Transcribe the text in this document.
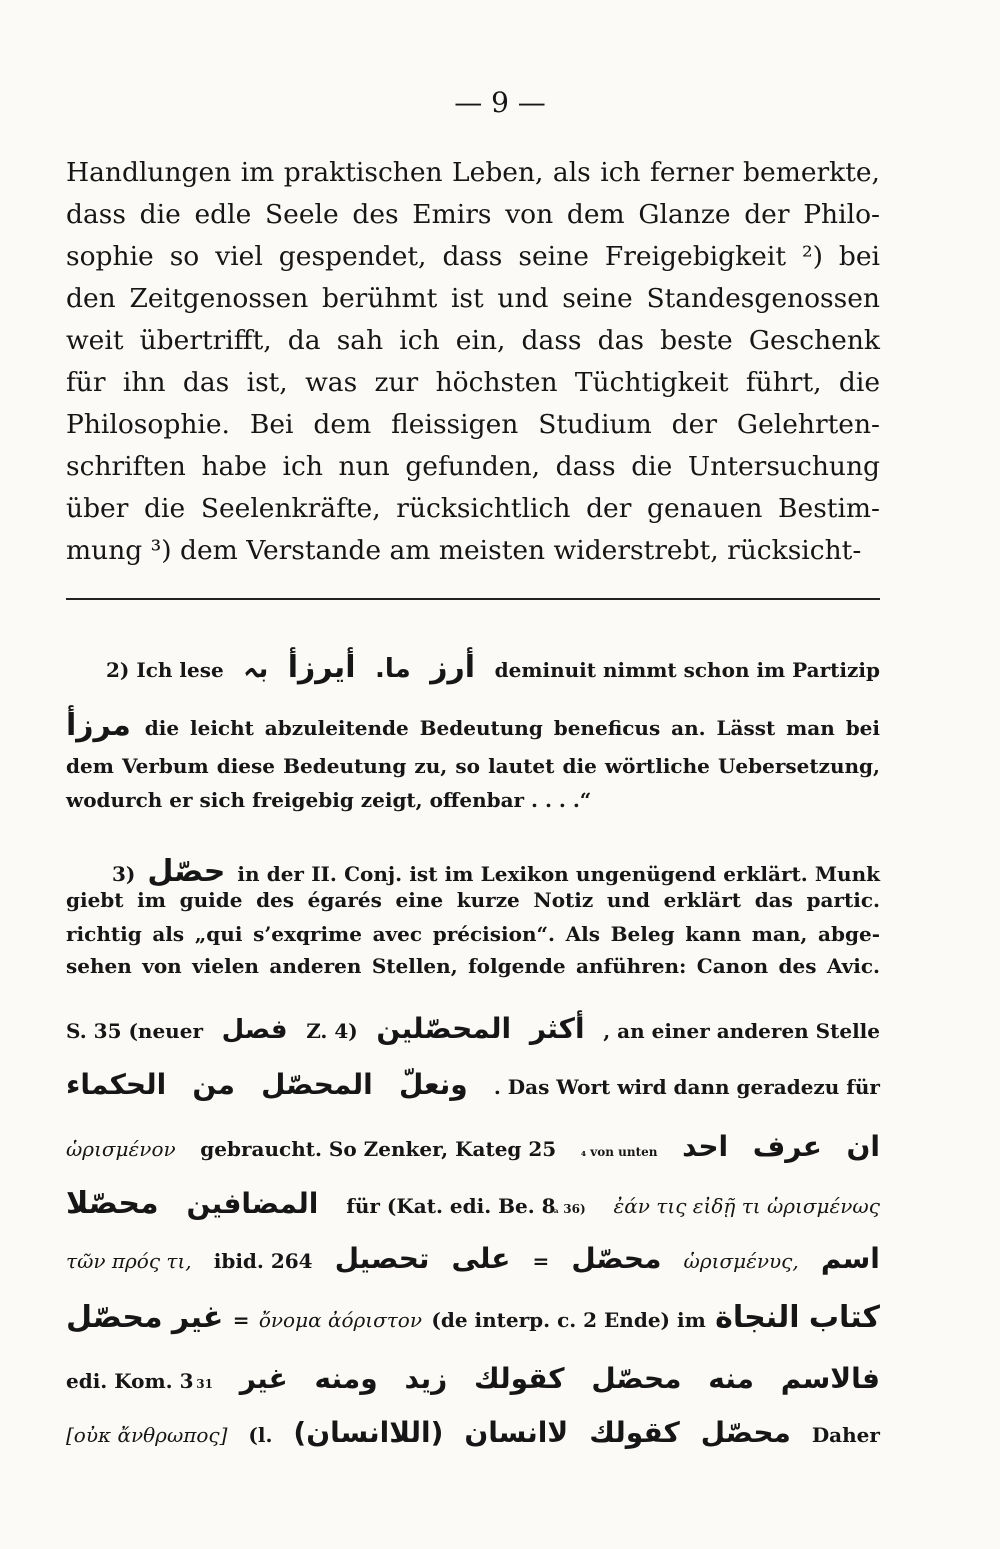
— 9 —
Handlungen im praktischen Leben, als ich ferner bemerkte,
dass die edle Seele des Emirs von dem Glanze der Philo-
sophie so viel gespendet, dass seine Freigebigkeit ²) bei
den Zeitgenossen berühmt ist und seine Standesgenossen
weit übertrifft, da sah ich ein, dass das beste Geschenk
für ihn das ist, was zur höchsten Tüchtigkeit führt, die
Philosophie. Bei dem fleissigen Studium der Gelehrten-
schriften habe ich nun gefunden, dass die Untersuchung
über die Seelenkräfte, rücksichtlich der genauen Bestim-
mung ³) dem Verstande am meisten widerstrebt, rücksicht-
2) Ich lese بہ أيرزأ ما. أرز deminuit nimmt schon im Partizip
مرزأ die leicht abzuleitende Bedeutung beneficus an. Lässt man bei
dem Verbum diese Bedeutung zu, so lautet die wörtliche Uebersetzung,
wodurch er sich freigebig zeigt, offenbar . . . .“
3) حصّل in der II. Conj. ist im Lexikon ungenügend erklärt. Munk
giebt im guide des égarés eine kurze Notiz und erklärt das partic.
richtig als „qui s’exqrime avec précision“. Als Beleg kann man, abge-
sehen von vielen anderen Stellen, folgende anführen: Canon des Avic.
S. 35 (neuer فصل Z. 4) المحصّلين أكثر , an einer anderen Stelle
الحكماء من المحصّل ونعلّ . Das Wort wird dann geradezu für
ὡρισμένον gebraucht. So Zenker, Kateg 25 ₄ von unten احد عرف ان
محصّلا المضافين für (Kat. edi. Be. 8
ₐ 36) ἐάν τις εἰδῇ τι ὡρισμένως
τῶν πρός τι, ibid. 264 تحصيل على = محصّل ὡρισμένυς, اسم
محصّل غير = ὄνομα ἀόριστον (de interp. c. 2 Ende) im النجاة كتاب
edi. Kom. 3 31 غير ومنه زيد كقولك محصّل منه فالاسم
[οὐκ ἄνθρωπος] (l. (اللاانسان) لاانسان كقولك محصّل Daher
